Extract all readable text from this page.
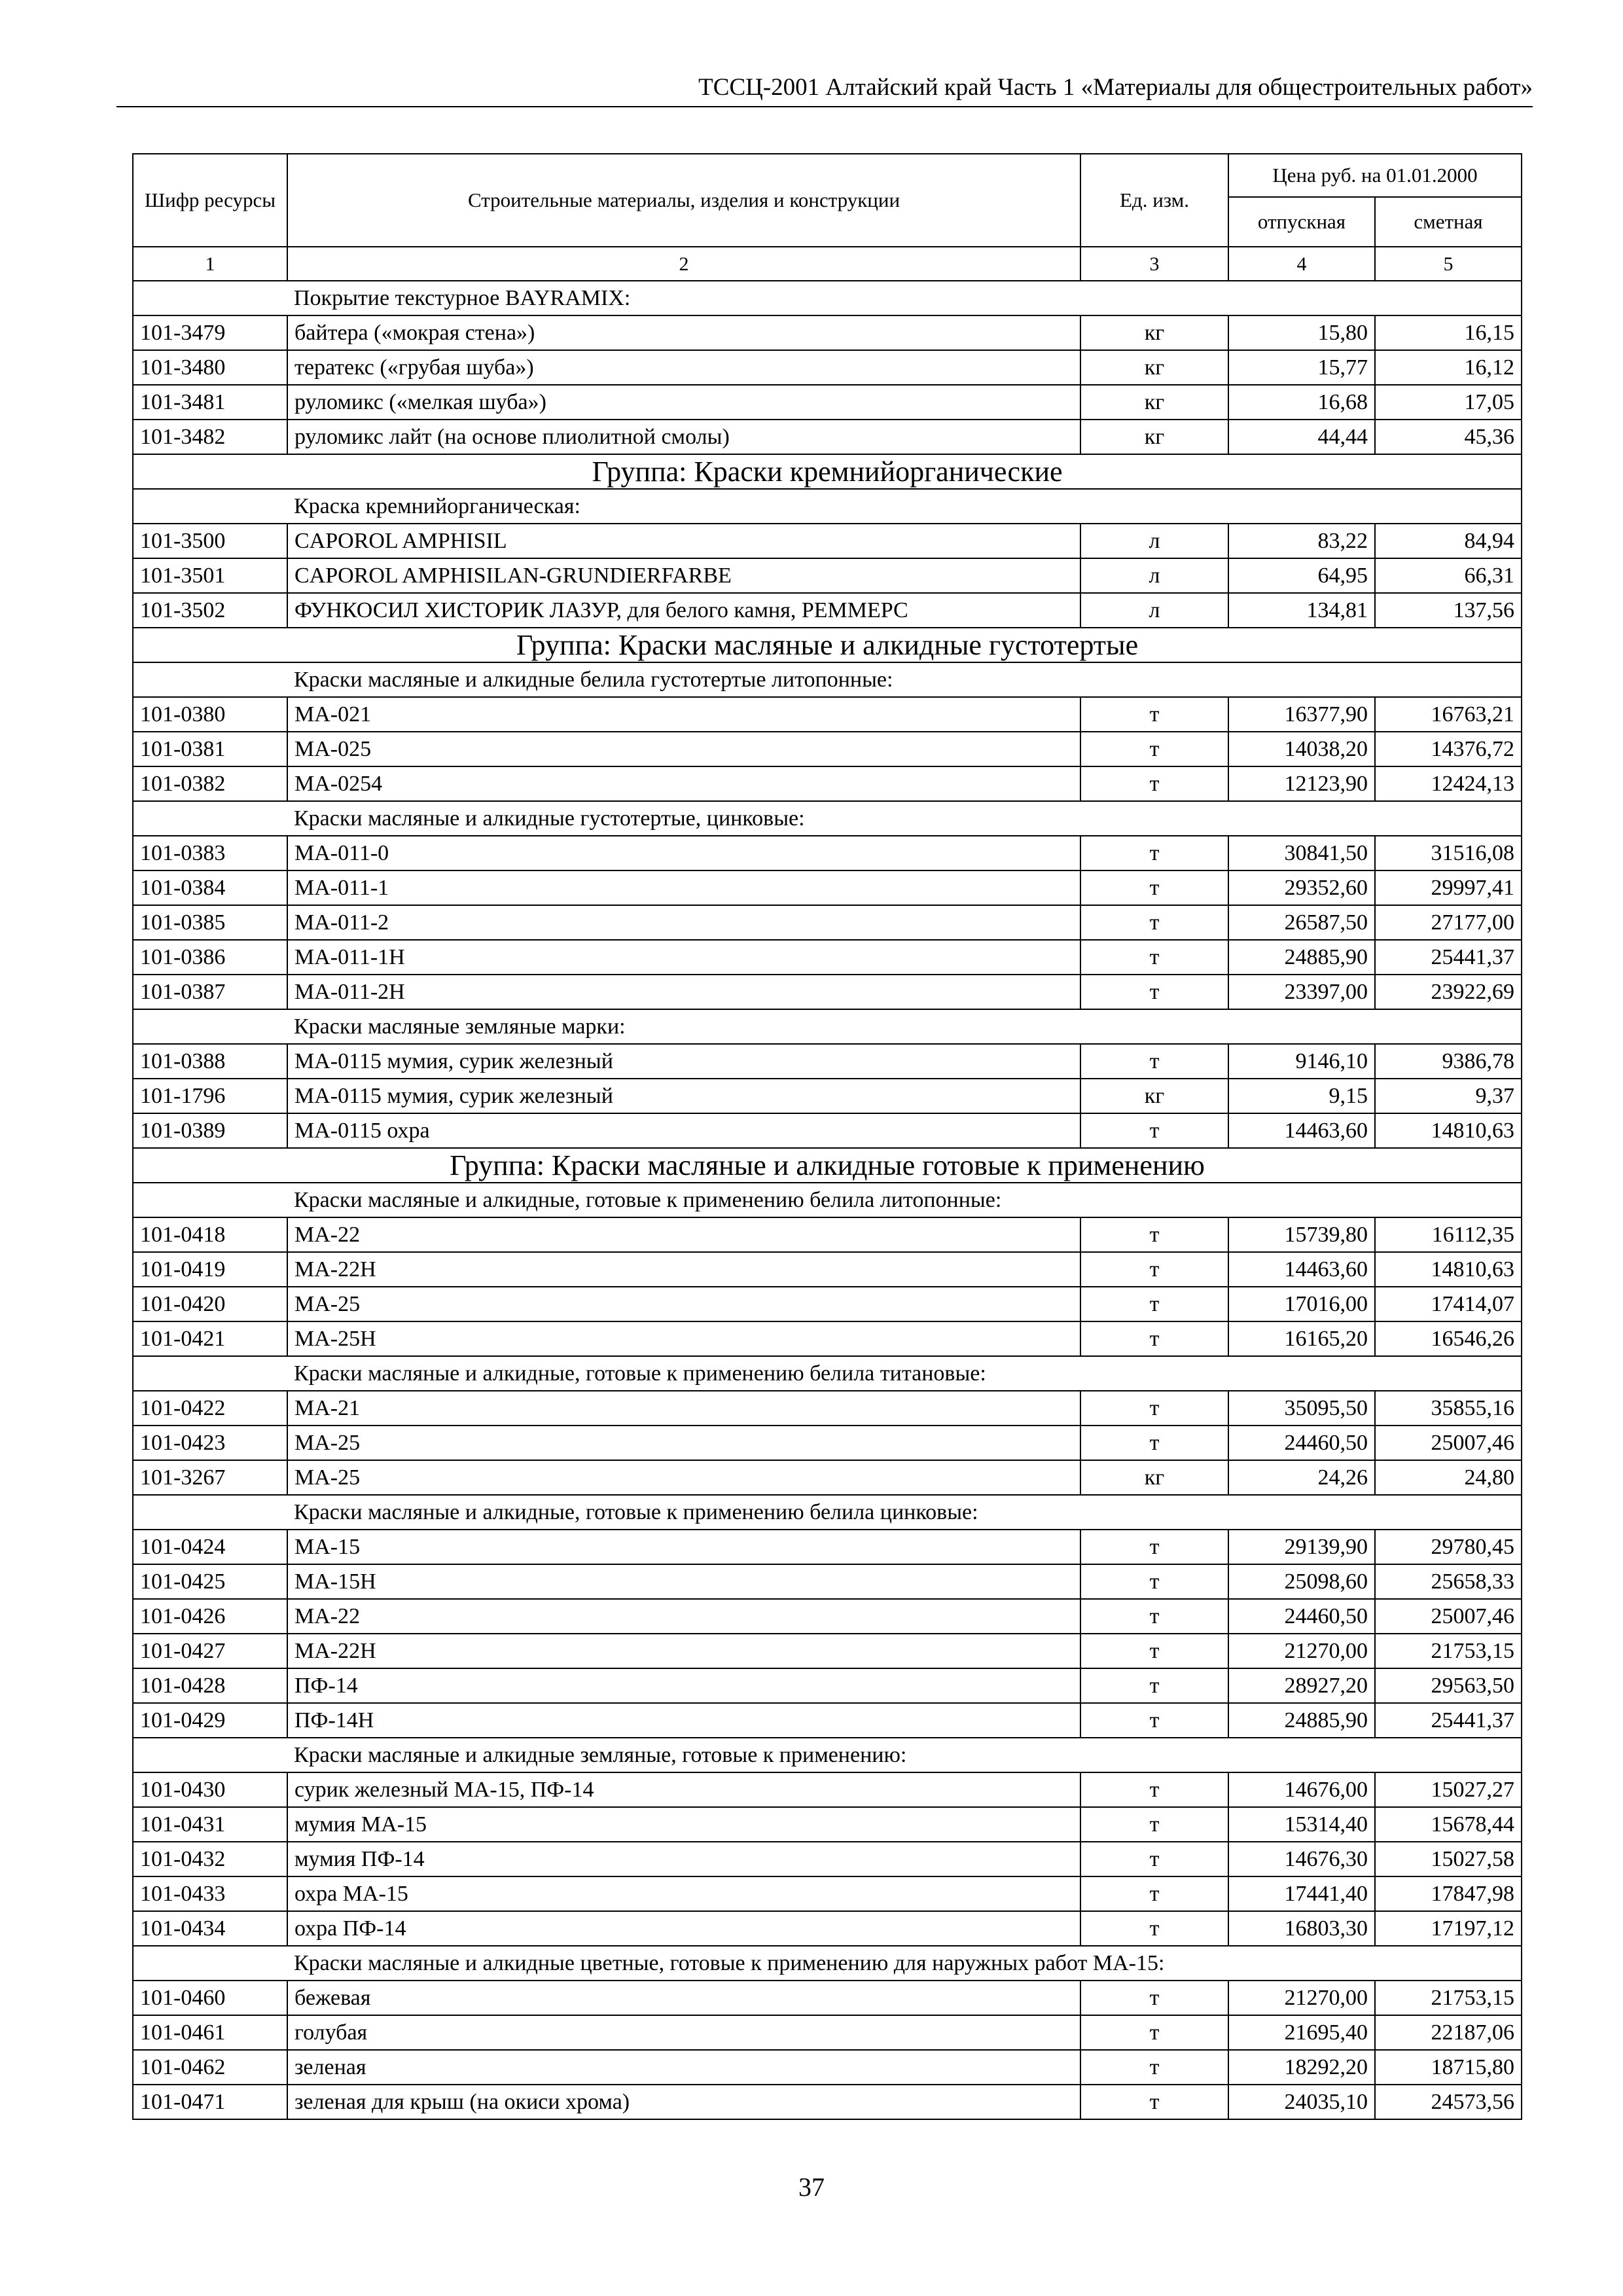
ТССЦ-2001 Алтайский край Часть 1 «Материалы для общестроительных работ»
Шифр ресурсы	Строительные материалы, изделия и конструкции	Ед. изм.	Цена руб. на 01.01.2000	
			отпускная	сметная
1	2	3	4	5
	Покрытие текстурное BAYRAMIX:			
101-3479	байтера («мокрая стена»)	кг	15,80	16,15
101-3480	тератекс («грубая шуба»)	кг	15,77	16,12
101-3481	руломикс («мелкая шуба»)	кг	16,68	17,05
101-3482	руломикс лайт (на основе плиолитной смолы)	кг	44,44	45,36
Группа: Краски кремнийорганические				
	Краска кремнийорганическая:			
101-3500	CAPOROL AMPHISIL	л	83,22	84,94
101-3501	CAPOROL AMPHISILAN-GRUNDIERFARBE	л	64,95	66,31
101-3502	ФУНКОСИЛ ХИСТОРИК ЛАЗУР, для белого камня, РЕММЕРС	л	134,81	137,56
Группа: Краски масляные и алкидные густотертые				
	Краски масляные и алкидные белила густотертые литопонные:			
101-0380	МА-021	т	16377,90	16763,21
101-0381	МА-025	т	14038,20	14376,72
101-0382	МА-0254	т	12123,90	12424,13
	Краски масляные и алкидные густотертые, цинковые:			
101-0383	МА-011-0	т	30841,50	31516,08
101-0384	МА-011-1	т	29352,60	29997,41
101-0385	МА-011-2	т	26587,50	27177,00
101-0386	МА-011-1Н	т	24885,90	25441,37
101-0387	МА-011-2Н	т	23397,00	23922,69
	Краски масляные земляные марки:			
101-0388	МА-0115 мумия, сурик железный	т	9146,10	9386,78
101-1796	МА-0115 мумия, сурик железный	кг	9,15	9,37
101-0389	МА-0115 охра	т	14463,60	14810,63
Группа: Краски масляные и алкидные готовые к применению				
	Краски масляные и алкидные, готовые к применению белила литопонные:			
101-0418	МА-22	т	15739,80	16112,35
101-0419	МА-22Н	т	14463,60	14810,63
101-0420	МА-25	т	17016,00	17414,07
101-0421	МА-25Н	т	16165,20	16546,26
	Краски масляные и алкидные, готовые к применению белила титановые:			
101-0422	МА-21	т	35095,50	35855,16
101-0423	МА-25	т	24460,50	25007,46
101-3267	МА-25	кг	24,26	24,80
	Краски масляные и алкидные, готовые к применению белила цинковые:			
101-0424	МА-15	т	29139,90	29780,45
101-0425	МА-15Н	т	25098,60	25658,33
101-0426	МА-22	т	24460,50	25007,46
101-0427	МА-22Н	т	21270,00	21753,15
101-0428	ПФ-14	т	28927,20	29563,50
101-0429	ПФ-14Н	т	24885,90	25441,37
	Краски масляные и алкидные земляные, готовые к применению:			
101-0430	сурик железный МА-15, ПФ-14	т	14676,00	15027,27
101-0431	мумия МА-15	т	15314,40	15678,44
101-0432	мумия ПФ-14	т	14676,30	15027,58
101-0433	охра МА-15	т	17441,40	17847,98
101-0434	охра ПФ-14	т	16803,30	17197,12
	Краски масляные и алкидные цветные, готовые к применению для наружных работ МА-15:			
101-0460	бежевая	т	21270,00	21753,15
101-0461	голубая	т	21695,40	22187,06
101-0462	зеленая	т	18292,20	18715,80
101-0471	зеленая для крыш (на окиси хрома)	т	24035,10	24573,56
37
